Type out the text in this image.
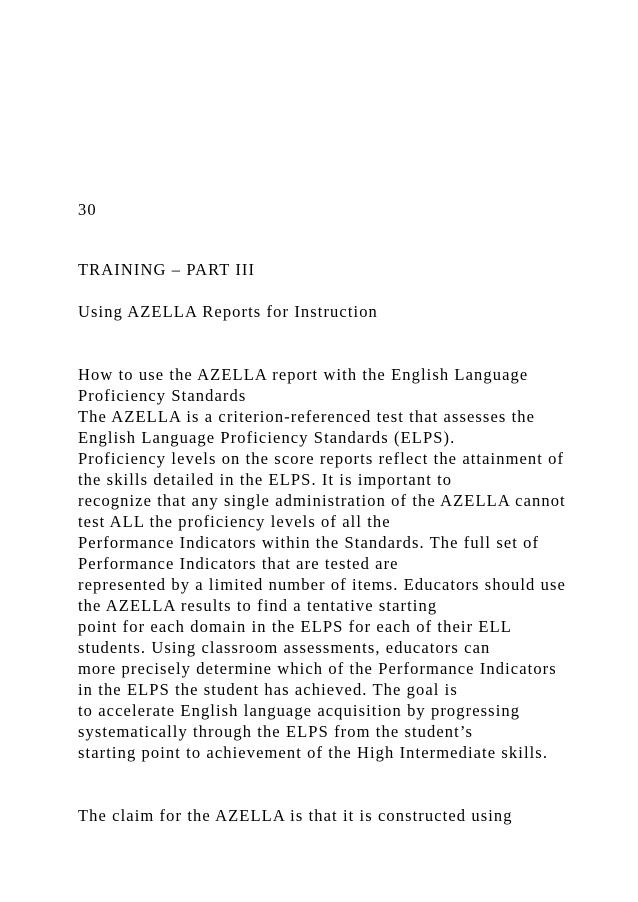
30

TRAINING – PART III

Using AZELLA Reports for Instruction

How to use the AZELLA report with the English Language

Proficiency Standards

The AZELLA is a criterion-referenced test that assesses the

English Language Proficiency Standards (ELPS).

Proficiency levels on the score reports reflect the attainment of

the skills detailed in the ELPS. It is important to

recognize that any single administration of the AZELLA cannot

test ALL the proficiency levels of all the

Performance Indicators within the Standards. The full set of

Performance Indicators that are tested are

represented by a limited number of items. Educators should use

the AZELLA results to find a tentative starting

point for each domain in the ELPS for each of their ELL

students. Using classroom assessments, educators can

more precisely determine which of the Performance Indicators

in the ELPS the student has achieved. The goal is

to accelerate English language acquisition by progressing

systematically through the ELPS from the student’s

starting point to achievement of the High Intermediate skills.

The claim for the AZELLA is that it is constructed using
